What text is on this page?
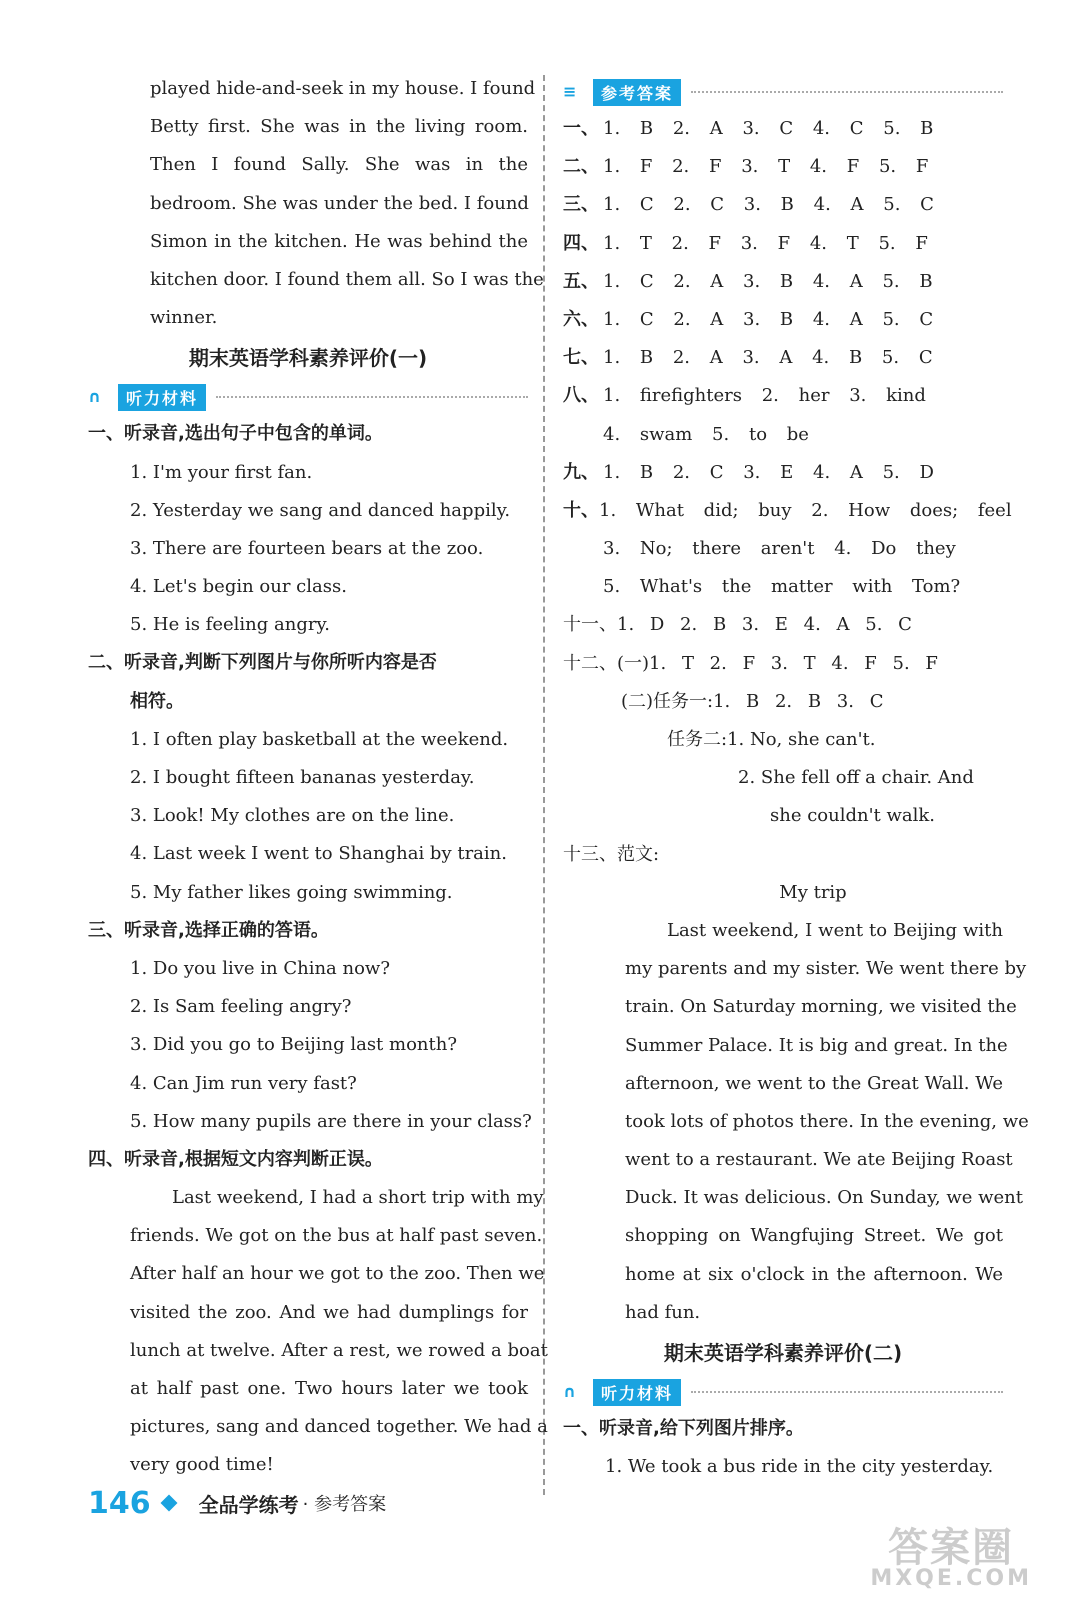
played hide-and-seek in my house. I found
Betty first. She was in the living room.
Then I found Sally. She was in the
bedroom. She was under the bed. I found
Simon in the kitchen. He was behind the
kitchen door. I found them all. So I was the
winner.
期末英语学科素养评价(一)
∩	听力材料
一、听录音,选出句子中包含的单词。
1. I'm your first fan.
2. Yesterday we sang and danced happily.
3. There are fourteen bears at the zoo.
4. Let's begin our class.
5. He is feeling angry.
二、听录音,判断下列图片与你所听内容是否
相符。
1. I often play basketball at the weekend.
2. I bought fifteen bananas yesterday.
3. Look! My clothes are on the line.
4. Last week I went to Shanghai by train.
5. My father likes going swimming.
三、听录音,选择正确的答语。
1. Do you live in China now?
2. Is Sam feeling angry?
3. Did you go to Beijing last month?
4. Can Jim run very fast?
5. How many pupils are there in your class?
四、听录音,根据短文内容判断正误。
Last weekend, I had a short trip with my
friends. We got on the bus at half past seven.
After half an hour we got to the zoo. Then we
visited the zoo. And we had dumplings for
lunch at twelve. After a rest, we rowed a boat
at half past one. Two hours later we took
pictures, sang and danced together. We had a
very good time!
≡	参考答案
一、 1. B 2. A 3. C 4. C 5. B
二、 1. F 2. F 3. T 4. F 5. F
三、 1. C 2. C 3. B 4. A 5. C
四、 1. T 2. F 3. F 4. T 5. F
五、 1. C 2. A 3. B 4. A 5. B
六、 1. C 2. A 3. B 4. A 5. C
七、 1. B 2. A 3. A 4. B 5. C
八、 1. firefighters 2. her 3. kind
4. swam 5. to be
九、 1. B 2. C 3. E 4. A 5. D
十、 1. What did; buy 2. How does; feel
3. No; there aren't 4. Do they
5. What's the matter with Tom?
十一、1. D 2. B 3. E 4. A 5. C
十二、(一)1. T 2. F 3. T 4. F 5. F
(二)任务一:1. B 2. B 3. C
任务二:1. No, she can't.
2. She fell off a chair. And
she couldn't walk.
十三、范文:
My trip
Last weekend, I went to Beijing with
my parents and my sister. We went there by
train. On Saturday morning, we visited the
Summer Palace. It is big and great. In the
afternoon, we went to the Great Wall. We
took lots of photos there. In the evening, we
went to a restaurant. We ate Beijing Roast
Duck. It was delicious. On Sunday, we went
shopping on Wangfujing Street. We got
home at six o'clock in the afternoon. We
had fun.
期末英语学科素养评价(二)
∩	听力材料
一、听录音,给下列图片排序。
1. We took a bus ride in the city yesterday.
146 全品学练考 · 参考答案
答案圈
MXQE.COM
